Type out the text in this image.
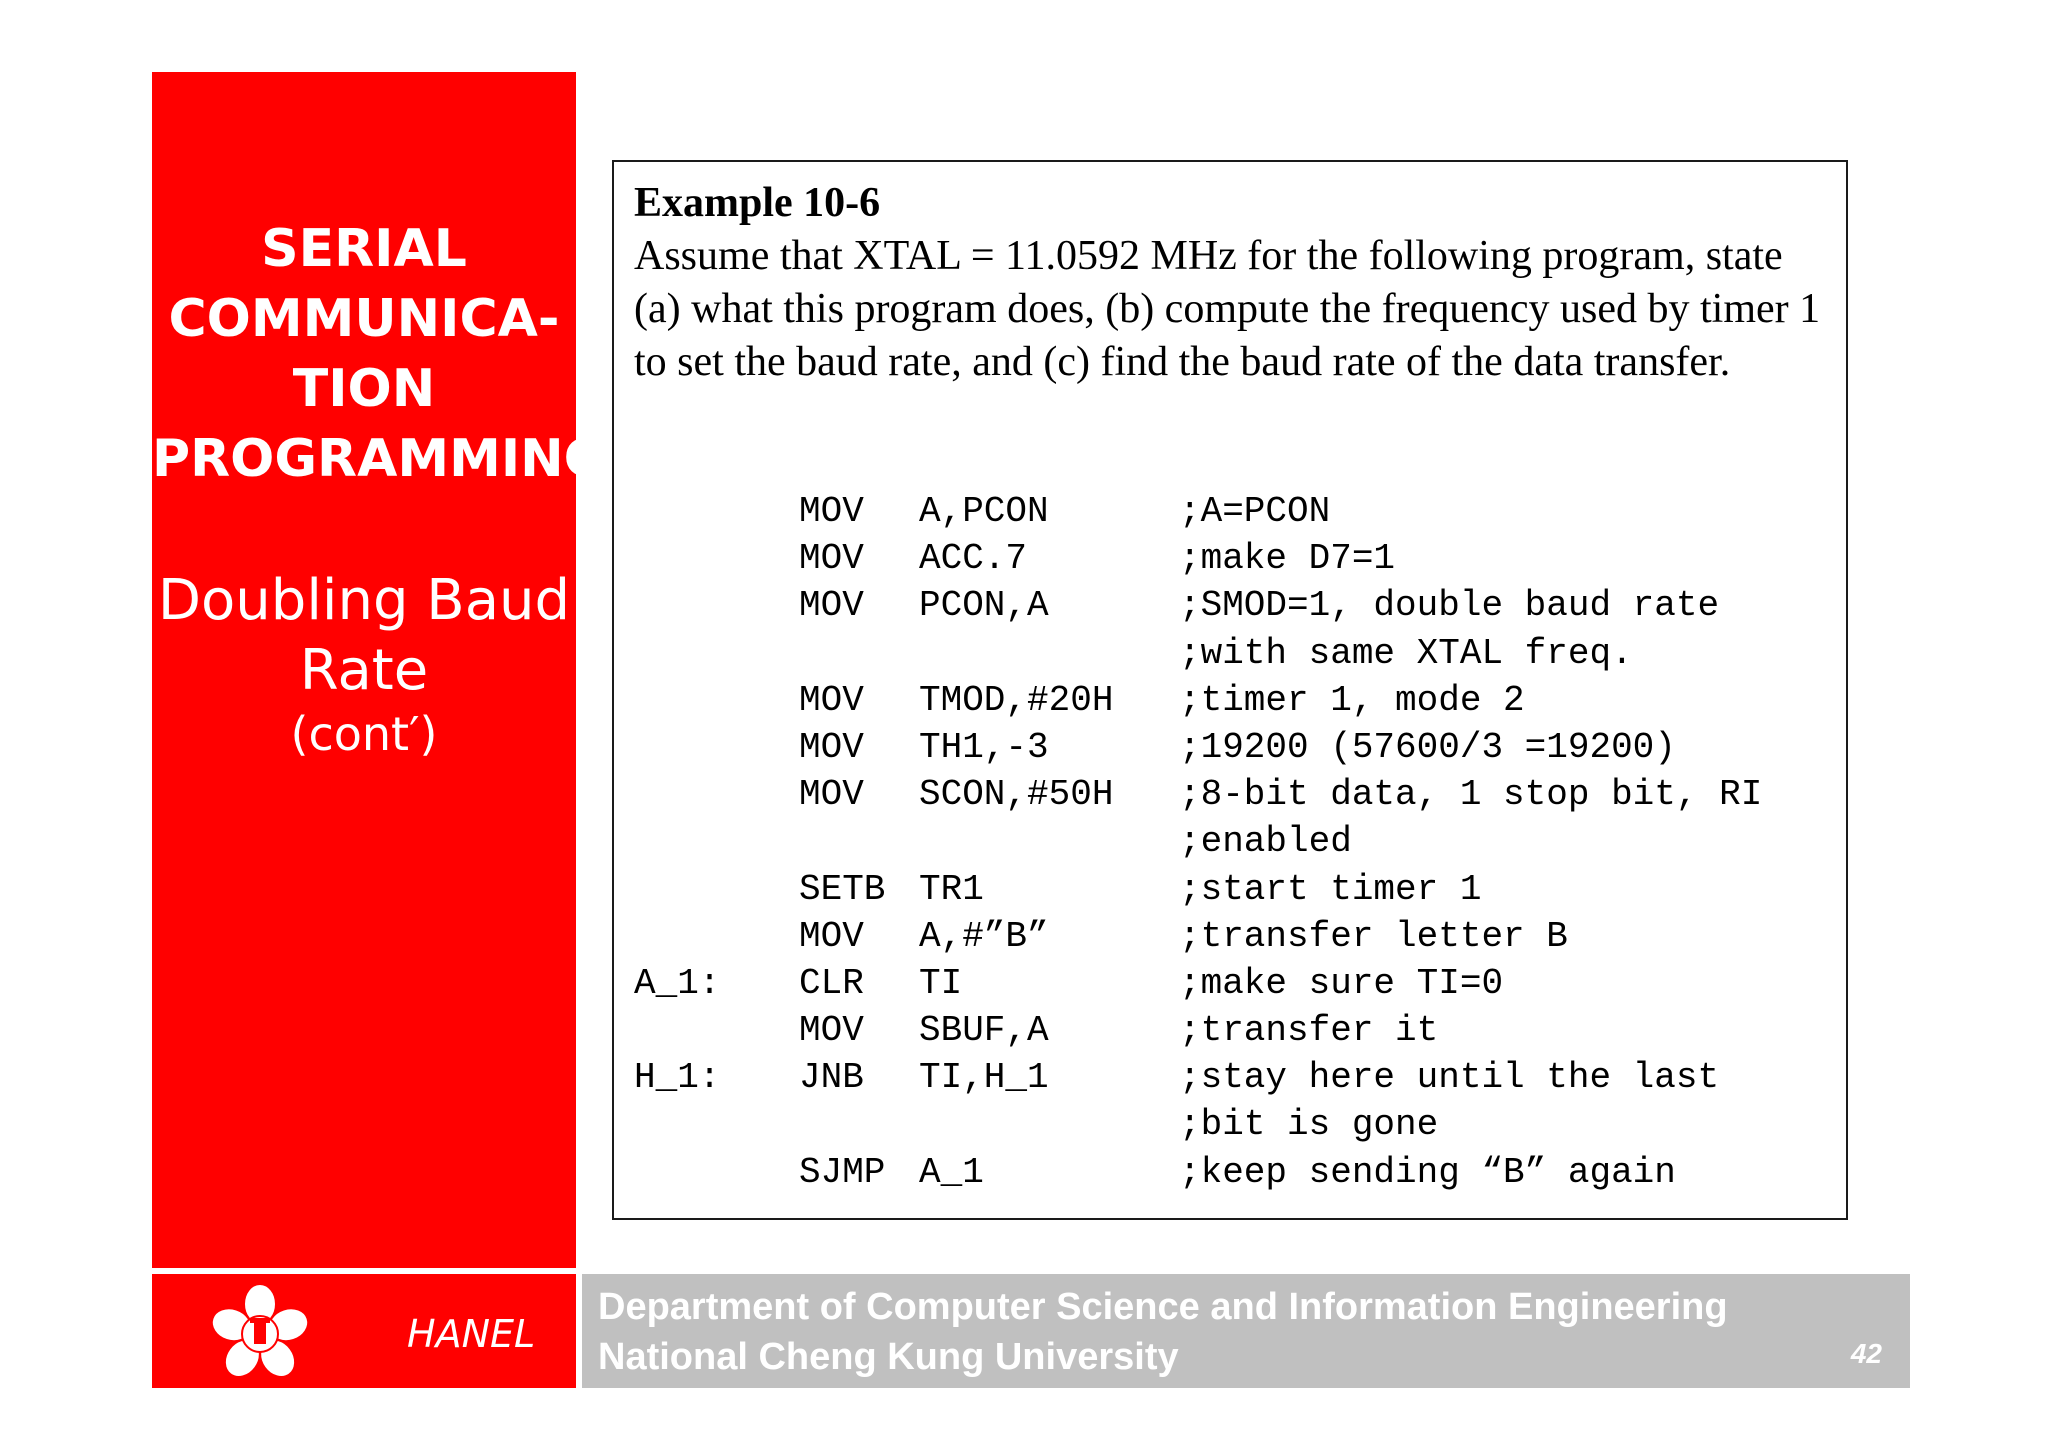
SERIAL
COMMUNICA-
TION
PROGRAMMING
Doubling Baud
Rate
(cont′)
Example 10-6
Assume that XTAL = 11.0592 MHz for the following program, state (a) what this program does, (b) compute the frequency used by timer 1 to set the baud rate, and (c) find the baud rate of the data transfer.
MOV	A,PCON	;A=PCON
MOV	ACC.7	;make D7=1
MOV	PCON,A	;SMOD=1, double baud rate
;with same XTAL freq.
MOV	TMOD,#20H	;timer 1, mode 2
MOV	TH1,-3	;19200 (57600/3 =19200)
MOV	SCON,#50H	;8-bit data, 1 stop bit, RI
;enabled
SETB TR1	;start timer 1
MOV	A,#”B”	;transfer letter B
A_1:	CLR	TI	;make sure TI=0
MOV	SBUF,A	;transfer it
H_1:	JNB	TI,H_1	;stay here until the last
;bit is gone
SJMP A_1	;keep sending “B” again
HANEL
Department of Computer Science and Information Engineering
National Cheng Kung University	42
